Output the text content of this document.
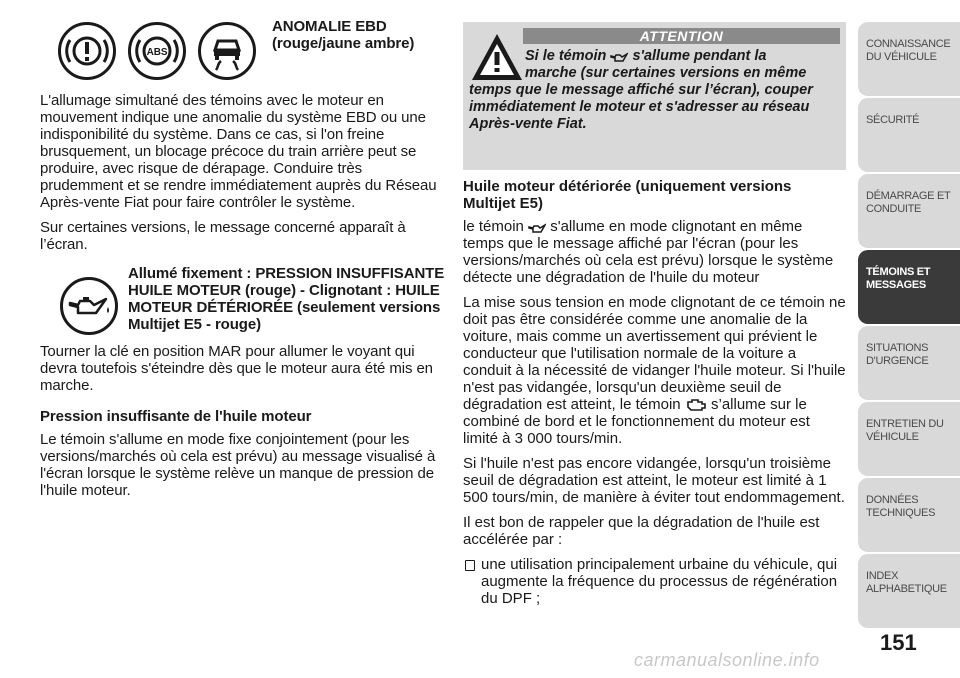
ABS
ANOMALIE EBD
(rouge/jaune ambre)

L'allumage simultané des témoins avec le moteur en mouvement indique une anomalie du système EBD ou une indisponibilité du système. Dans ce cas, si l'on freine brusquement, un blocage précoce du train arrière peut se produire, avec risque de dérapage. Conduire très prudemment et se rendre immédiatement auprès du Réseau Après-vente Fiat pour faire contrôler le système.

Sur certaines versions, le message concerné apparaît à l’écran.

Allumé fixement : PRESSION INSUFFISANTE HUILE MOTEUR (rouge) - Clignotant : HUILE MOTEUR DÉTÉRIORÉE (seulement versions Multijet E5 - rouge)

Tourner la clé en position MAR pour allumer le voyant qui devra toutefois s'éteindre dès que le moteur aura été mis en marche.

Pression insuffisante de l'huile moteur

Le témoin s'allume en mode fixe conjointement (pour les versions/marchés où cela est prévu) au message visualisé à l'écran lorsque le système relève un manque de pression de l'huile moteur.

ATTENTION
Si le témoin s'allume pendant la
marche (sur certaines versions en même
temps que le message affiché sur l’écran), couper immédiatement le moteur et s'adresser au réseau Après-vente Fiat.
Huile moteur détériorée (uniquement versions Multijet E5)

le témoin s'allume en mode clignotant en même temps que le message affiché par l'écran (pour les versions/marchés où cela est prévu) lorsque le système détecte une dégradation de l'huile du moteur

La mise sous tension en mode clignotant de ce témoin ne doit pas être considérée comme une anomalie de la voiture, mais comme un avertissement qui prévient le conducteur que l'utilisation normale de la voiture a conduit à la nécessité de vidanger l'huile moteur. Si l'huile n'est pas vidangée, lorsqu'un deuxième seuil de dégradation est atteint, le témoin s’allume sur le combiné de bord et le fonctionnement du moteur est limité à 3 000 tours/min.

Si l'huile n'est pas encore vidangée, lorsqu'un troisième seuil de dégradation est atteint, le moteur est limité à 1 500 tours/min, de manière à éviter tout endommagement.

Il est bon de rappeler que la dégradation de l'huile est accélérée par :

une utilisation principalement urbaine du véhicule, qui augmente la fréquence du processus de régénération du DPF ;

CONNAISSANCE DU VÉHICULE
SÉCURITÉ
DÉMARRAGE ET CONDUITE
TÉMOINS ET MESSAGES
SITUATIONS D'URGENCE
ENTRETIEN DU VÉHICULE
DONNÉES TECHNIQUES
INDEX ALPHABETIQUE
151
carmanualsonline.info
